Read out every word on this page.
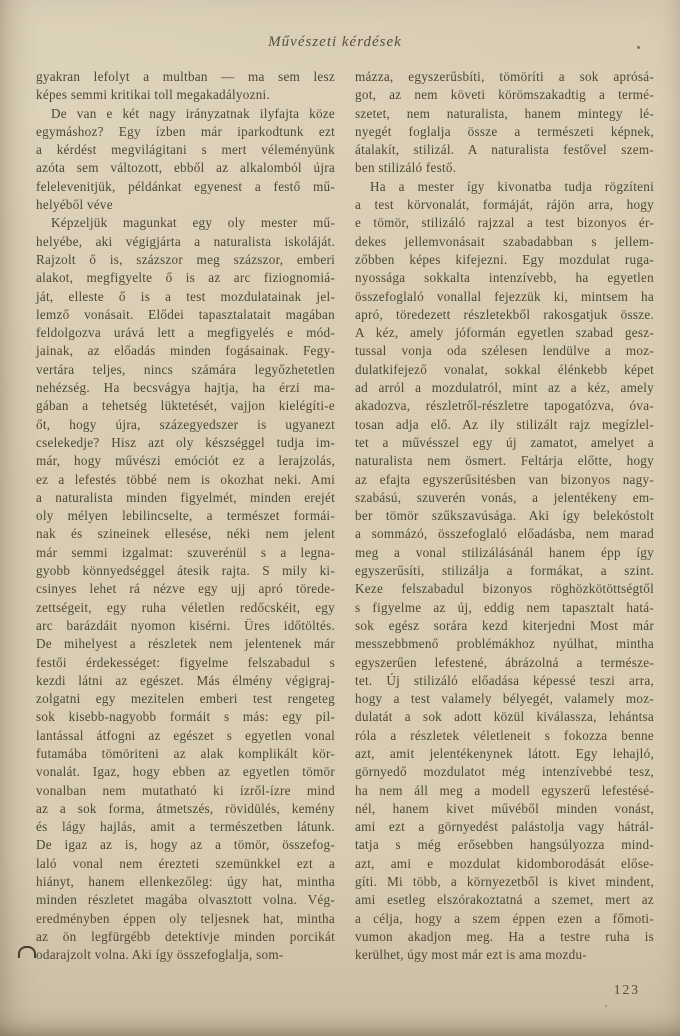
Művészeti kérdések
gyakran lefolyt a multban — ma sem lesz
képes semmi kritikai toll megakadályozni.
De van e két nagy irányzatnak ilyfajta köze
egymáshoz? Egy ízben már iparkodtunk ezt
a kérdést megvilágitani s mert véleményünk
azóta sem változott, ebből az alkalomból újra
felelevenitjük, példánkat egyenest a festő mű-
helyéből véve
Képzeljük magunkat egy oly mester mű-
helyébe, aki végigjárta a naturalista iskoláját.
Rajzolt ő is, százszor meg százszor, emberi
alakot, megfigyelte ő is az arc fiziognomiá-
ját, elleste ő is a test mozdulatainak jel-
lemző vonásait. Elődei tapasztalatait magában
feldolgozva urává lett a megfigyelés e mód-
jainak, az előadás minden fogásainak. Fegy-
vertára teljes, nincs számára legyőzhetetlen
nehézség. Ha becsvágya hajtja, ha érzi ma-
gában a tehetség lüktetését, vajjon kielégíti-e
őt, hogy újra, százegyedszer is ugyanezt
cselekedje? Hisz azt oly készséggel tudja im-
már, hogy művészi emóciót ez a lerajzolás,
ez a lefestés többé nem is okozhat neki. Ami
a naturalista minden figyelmét, minden erejét
oly mélyen lebilincselte, a természet formái-
nak és szineinek ellesése, néki nem jelent
már semmi izgalmat: szuverénül s a legna-
gyobb könnyedséggel átesik rajta. S mily ki-
csinyes lehet rá nézve egy ujj apró törede-
zettségeit, egy ruha véletlen redőcskéit, egy
arc barázdáit nyomon kisérni. Üres időtöltés.
De mihelyest a részletek nem jelentenek már
festői érdekességet: figyelme felszabadul s
kezdi látni az egészet. Más élmény végigraj-
zolgatni egy mezitelen emberi test rengeteg
sok kisebb-nagyobb formáit s más: egy pil-
lantással átfogni az egészet s egyetlen vonal
futamába tömöriteni az alak komplikált kör-
vonalát. Igaz, hogy ebben az egyetlen tömör
vonalban nem mutatható ki ízről-ízre mind
az a sok forma, átmetszés, rövidülés, kemény
és lágy hajlás, amit a természetben látunk.
De igaz az is, hogy az a tömör, összefog-
laló vonal nem érezteti szemünkkel ezt a
hiányt, hanem ellenkezőleg: úgy hat, mintha
minden részletet magába olvasztott volna. Vég-
eredményben éppen oly teljesnek hat, mintha
az ön legfürgébb detektivje minden porcikát
odarajzolt volna. Aki így összefoglalja, som-
mázza, egyszerűsbíti, tömöríti a sok aprósá-
got, az nem követi körömszakadtig a termé-
szetet, nem naturalista, hanem mintegy lé-
nyegét foglalja össze a természeti képnek,
átalakít, stilizál. A naturalista festővel szem-
ben stilizáló festő.
Ha a mester így kivonatba tudja rögzíteni
a test körvonalát, formáját, rájön arra, hogy
e tömör, stilizáló rajzzal a test bizonyos ér-
dekes jellemvonásait szabadabban s jellem-
zőbben képes kifejezni. Egy mozdulat ruga-
nyossága sokkalta intenzívebb, ha egyetlen
összefoglaló vonallal fejezzük ki, mintsem ha
apró, töredezett részletekből rakosgatjuk össze.
A kéz, amely jóformán egyetlen szabad gesz-
tussal vonja oda szélesen lendülve a moz-
dulatkifejező vonalat, sokkal élénkebb képet
ad arról a mozdulatról, mint az a kéz, amely
akadozva, részletről-részletre tapogatózva, óva-
tosan adja elő. Az ily stilizált rajz megízlel-
tet a művésszel egy új zamatot, amelyet a
naturalista nem ösmert. Feltárja előtte, hogy
az efajta egyszerűsitésben van bizonyos nagy-
szabású, szuverén vonás, a jelentékeny em-
ber tömör szűkszavúsága. Aki így belekóstolt
a sommázó, összefoglaló előadásba, nem marad
meg a vonal stilizálásánál hanem épp így
egyszerűsíti, stilizálja a formákat, a szint.
Keze felszabadul bizonyos röghözkötöttségtől
s figyelme az új, eddig nem tapasztalt hatá-
sok egész sorára kezd kiterjedni Most már
messzebbmenő problémákhoz nyúlhat, mintha
egyszerűen lefestené, ábrázolná a természe-
tet. Új stilizáló előadása képessé teszi arra,
hogy a test valamely bélyegét, valamely moz-
dulatát a sok adott közül kiválassza, lehántsa
róla a részletek véletleneit s fokozza benne
azt, amit jelentékenynek látott. Egy lehajló,
görnyedő mozdulatot még intenzívebbé tesz,
ha nem áll meg a modell egyszerű lefestésé-
nél, hanem kivet művéből minden vonást,
ami ezt a görnyedést palástolja vagy hátrál-
tatja s még erősebben hangsúlyozza mind-
azt, ami e mozdulat kidomborodását előse-
gíti. Mi több, a környezetből is kivet mindent,
ami esetleg elszórakoztatná a szemet, mert az
a célja, hogy a szem éppen ezen a főmoti-
vumon akadjon meg. Ha a testre ruha is
kerülhet, úgy most már ezt is ama mozdu-
123
